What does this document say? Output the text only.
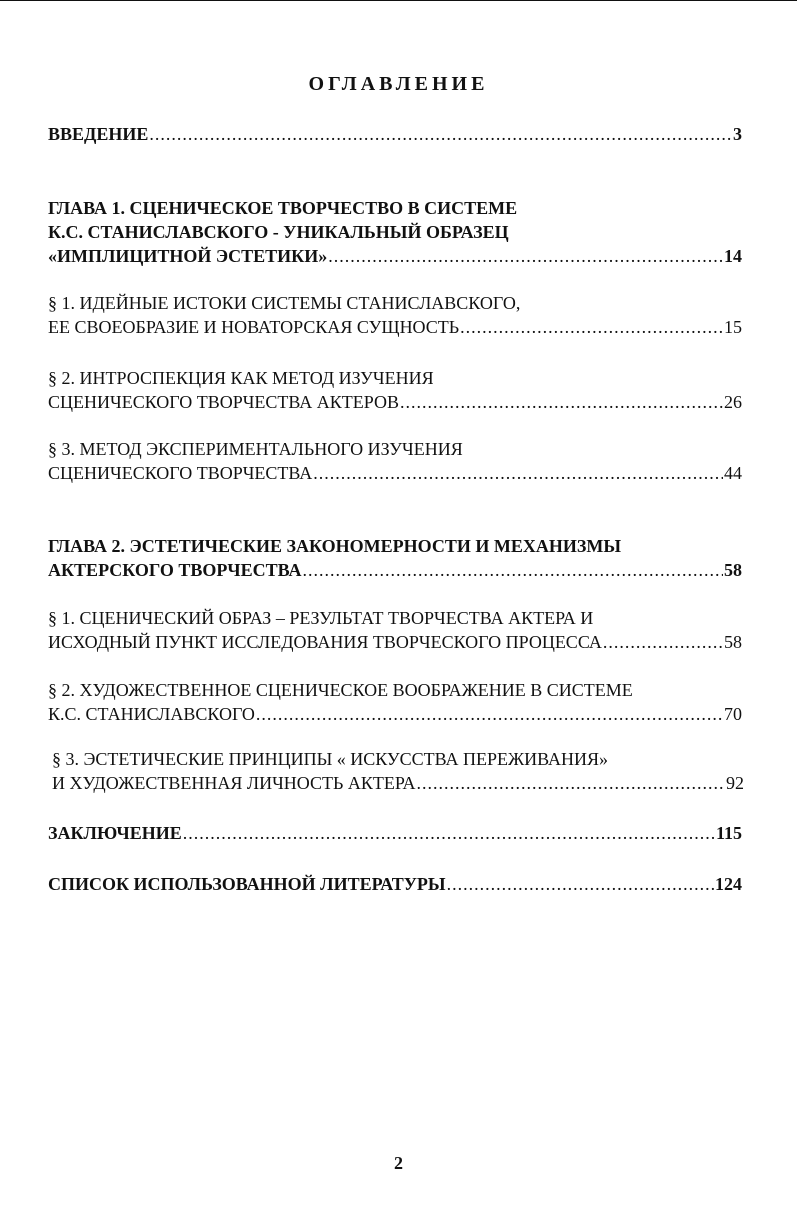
ОГЛАВЛЕНИЕ
ВВЕДЕНИЕ .....	3
ГЛАВА 1. СЦЕНИЧЕСКОЕ ТВОРЧЕСТВО В СИСТЕМЕ
К.С. СТАНИСЛАВСКОГО - УНИКАЛЬНЫЙ ОБРАЗЕЦ
«ИМПЛИЦИТНОЙ ЭСТЕТИКИ» .....	14
§ 1. ИДЕЙНЫЕ ИСТОКИ СИСТЕМЫ СТАНИСЛАВСКОГО,
ЕЕ СВОЕОБРАЗИЕ И НОВАТОРСКАЯ СУЩНОСТЬ .....	15
§ 2. ИНТРОСПЕКЦИЯ КАК МЕТОД ИЗУЧЕНИЯ
СЦЕНИЧЕСКОГО ТВОРЧЕСТВА АКТЕРОВ .....	26
§ 3. МЕТОД ЭКСПЕРИМЕНТАЛЬНОГО ИЗУЧЕНИЯ
СЦЕНИЧЕСКОГО ТВОРЧЕСТВА .....	44
ГЛАВА 2. ЭСТЕТИЧЕСКИЕ ЗАКОНОМЕРНОСТИ И МЕХАНИЗМЫ
АКТЕРСКОГО ТВОРЧЕСТВА .....	58
§ 1. СЦЕНИЧЕСКИЙ ОБРАЗ – РЕЗУЛЬТАТ ТВОРЧЕСТВА АКТЕРА И
ИСХОДНЫЙ ПУНКТ ИССЛЕДОВАНИЯ ТВОРЧЕСКОГО ПРОЦЕССА .....	58
§ 2. ХУДОЖЕСТВЕННОЕ СЦЕНИЧЕСКОЕ ВООБРАЖЕНИЕ В СИСТЕМЕ
К.С. СТАНИСЛАВСКОГО .....	70
§ 3. ЭСТЕТИЧЕСКИЕ ПРИНЦИПЫ « ИСКУССТВА ПЕРЕЖИВАНИЯ»
И ХУДОЖЕСТВЕННАЯ ЛИЧНОСТЬ АКТЕРА .....	92
ЗАКЛЮЧЕНИЕ .....	115
СПИСОК ИСПОЛЬЗОВАННОЙ ЛИТЕРАТУРЫ .....	124
2
